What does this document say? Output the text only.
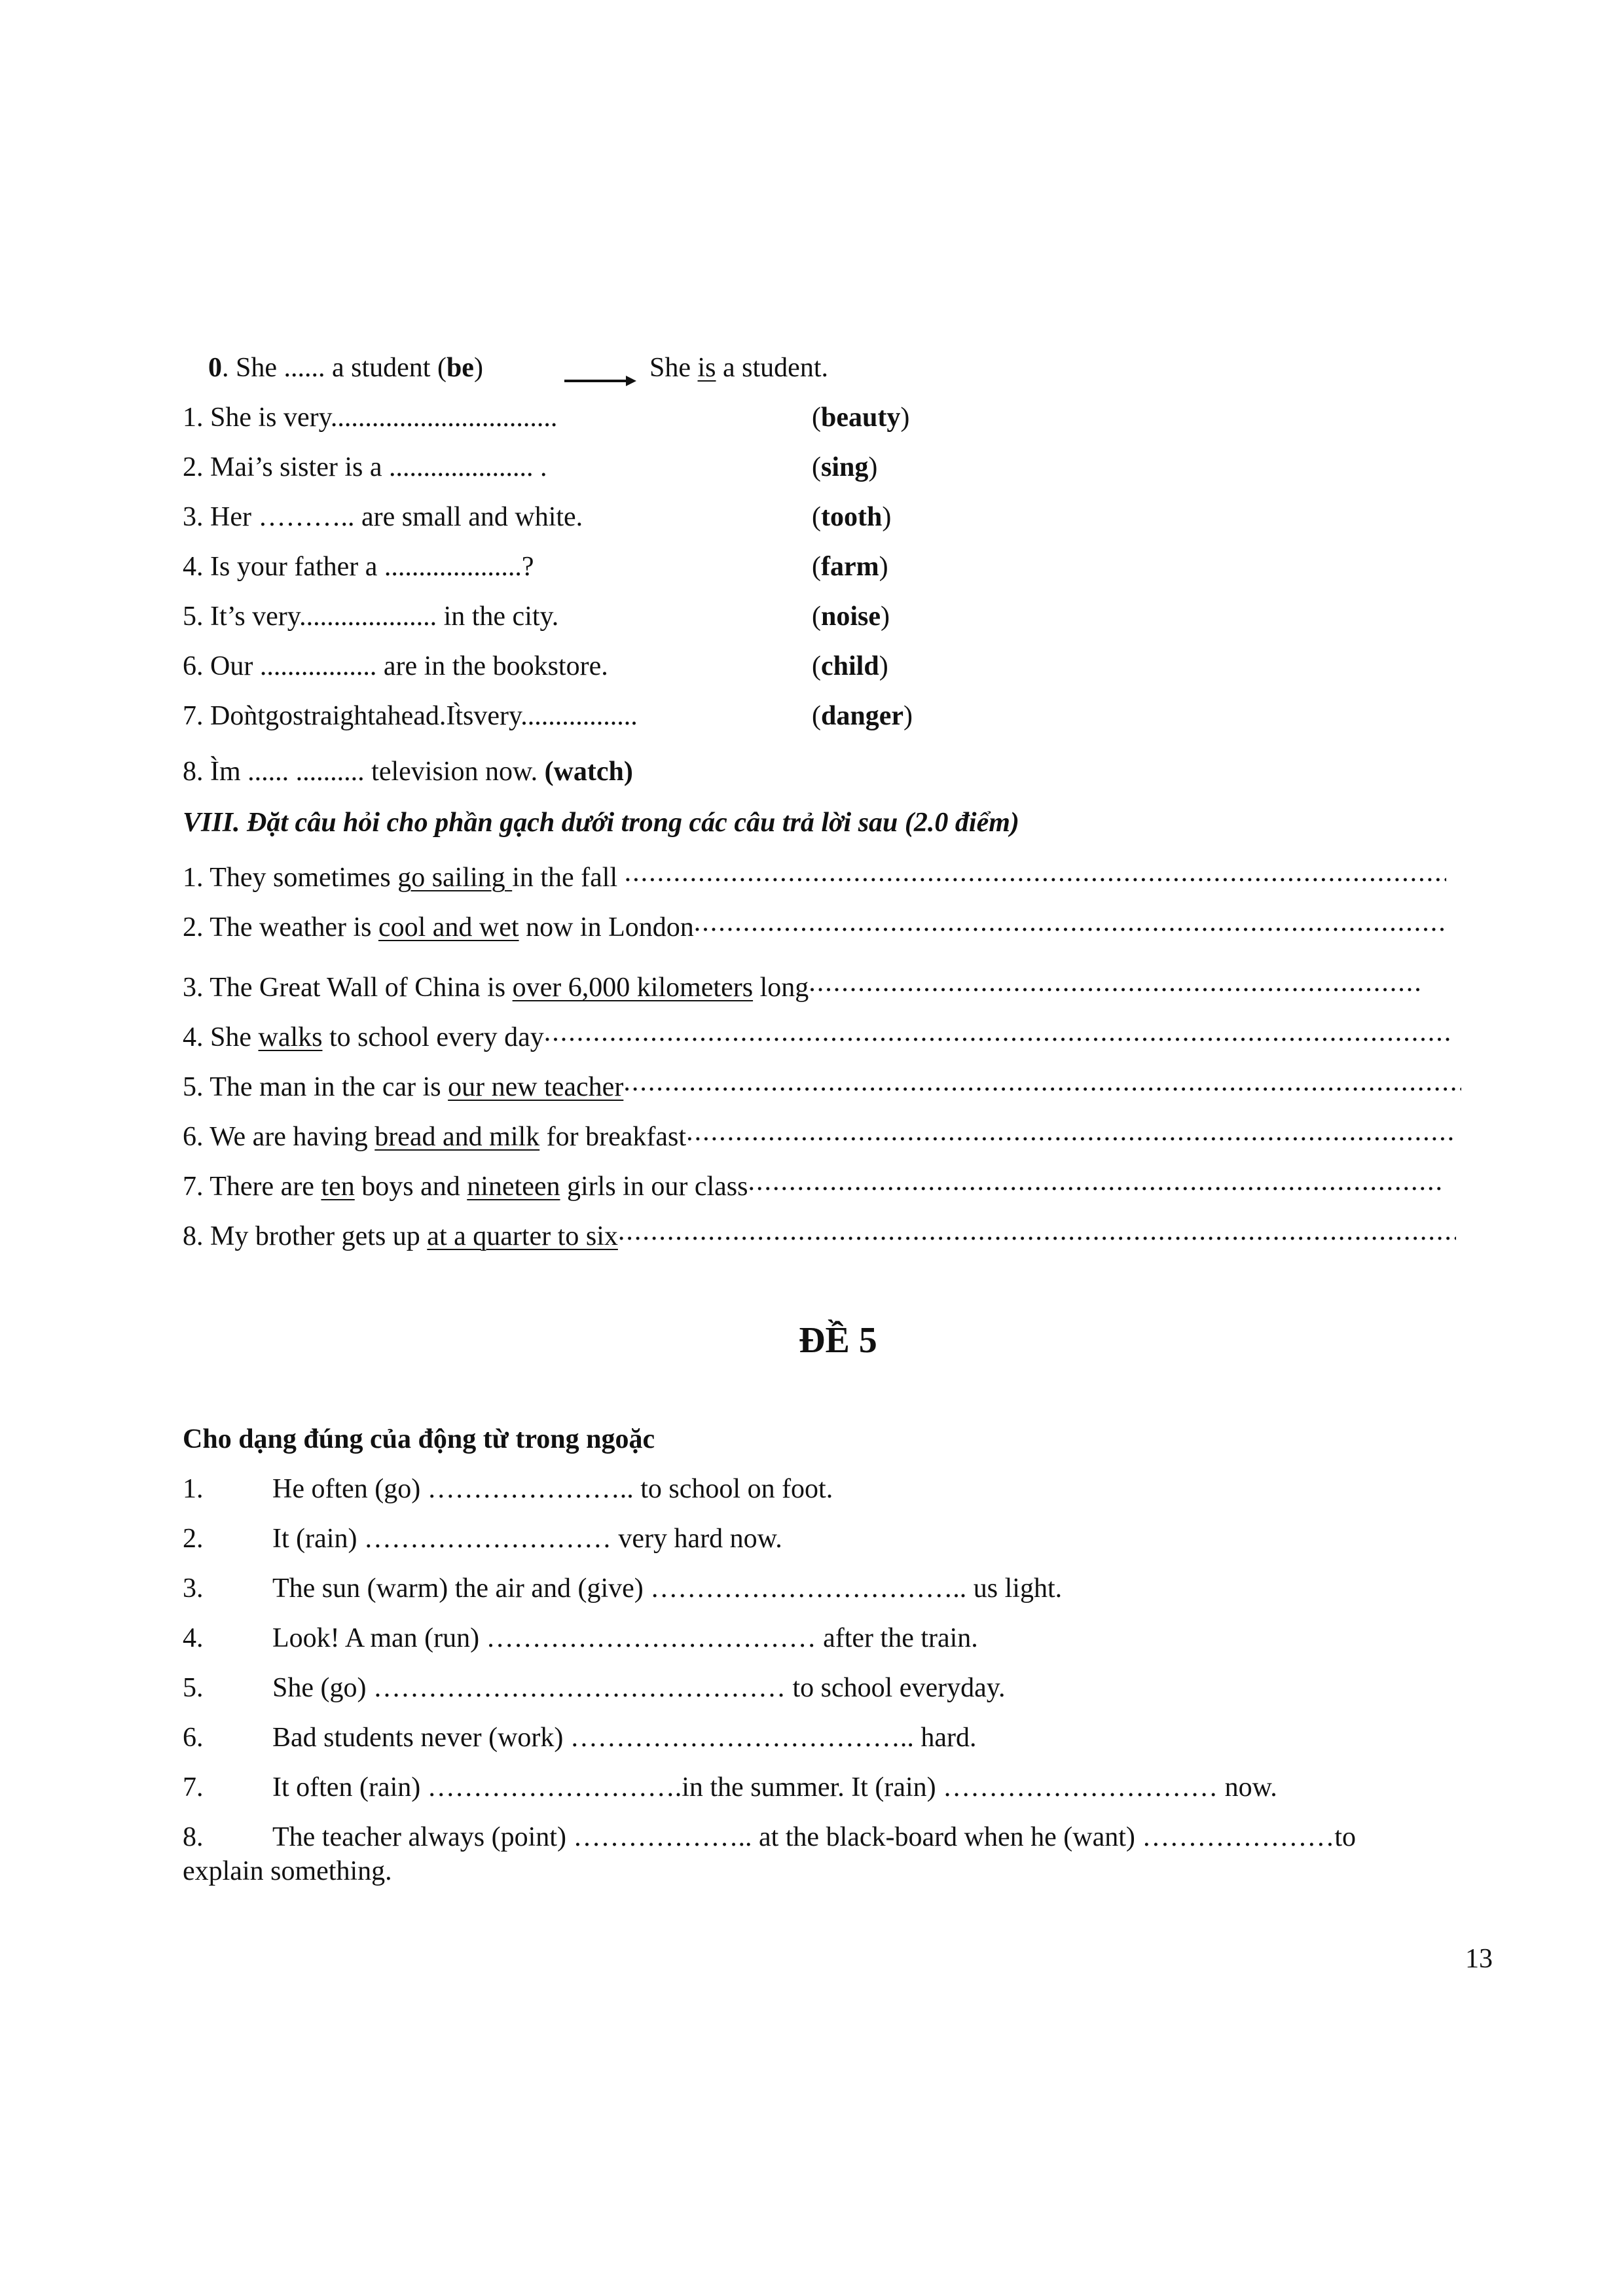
0. She ...... a student (be)	She is a student.
1. She is very.................................	(beauty)
2. Mai’s sister is a ..................... .	(sing)
3. Her ……….. are small and white.	(tooth)
4. Is your father a ....................?	(farm)
5. It’s very.................... in the city.	(noise)
6. Our ................. are in the bookstore.	(child)
7. Doǹtgostraightahead.It̀svery.................	(danger)
8. Ìm ...... .......... television now. (watch)
VIII. Đặt câu hỏi cho phần gạch dưới trong các câu trả lời sau (2.0 điểm)
1. They sometimes go sailing in the fall .....
2. The weather is cool and wet now in London.....
3. The Great Wall of China is over 6,000 kilometers long.....
4. She walks to school every day.....
5. The man in the car is our new teacher.....
6. We are having bread and milk for breakfast.....
7. There are ten boys and nineteen girls in our class.....
8. My brother gets up at a quarter to six.....
ĐỀ 5
Cho dạng đúng của động từ trong ngoặc
1.	He often (go) ………………….. to school on foot.
2.	It (rain) ……………………… very hard now.
3.	The sun (warm) the air and (give) …………………………….. us light.
4.	Look! A man (run) ……………………………… after the train.
5.	She (go) ……………………………………… to school everyday.
6.	Bad students never (work) ……………………………….. hard.
7.	It often (rain) ……………………….in the summer. It (rain) ………………………… now.
8.	The teacher always (point) ……………….. at the black-board when he (want) …………………to
explain something.
13
